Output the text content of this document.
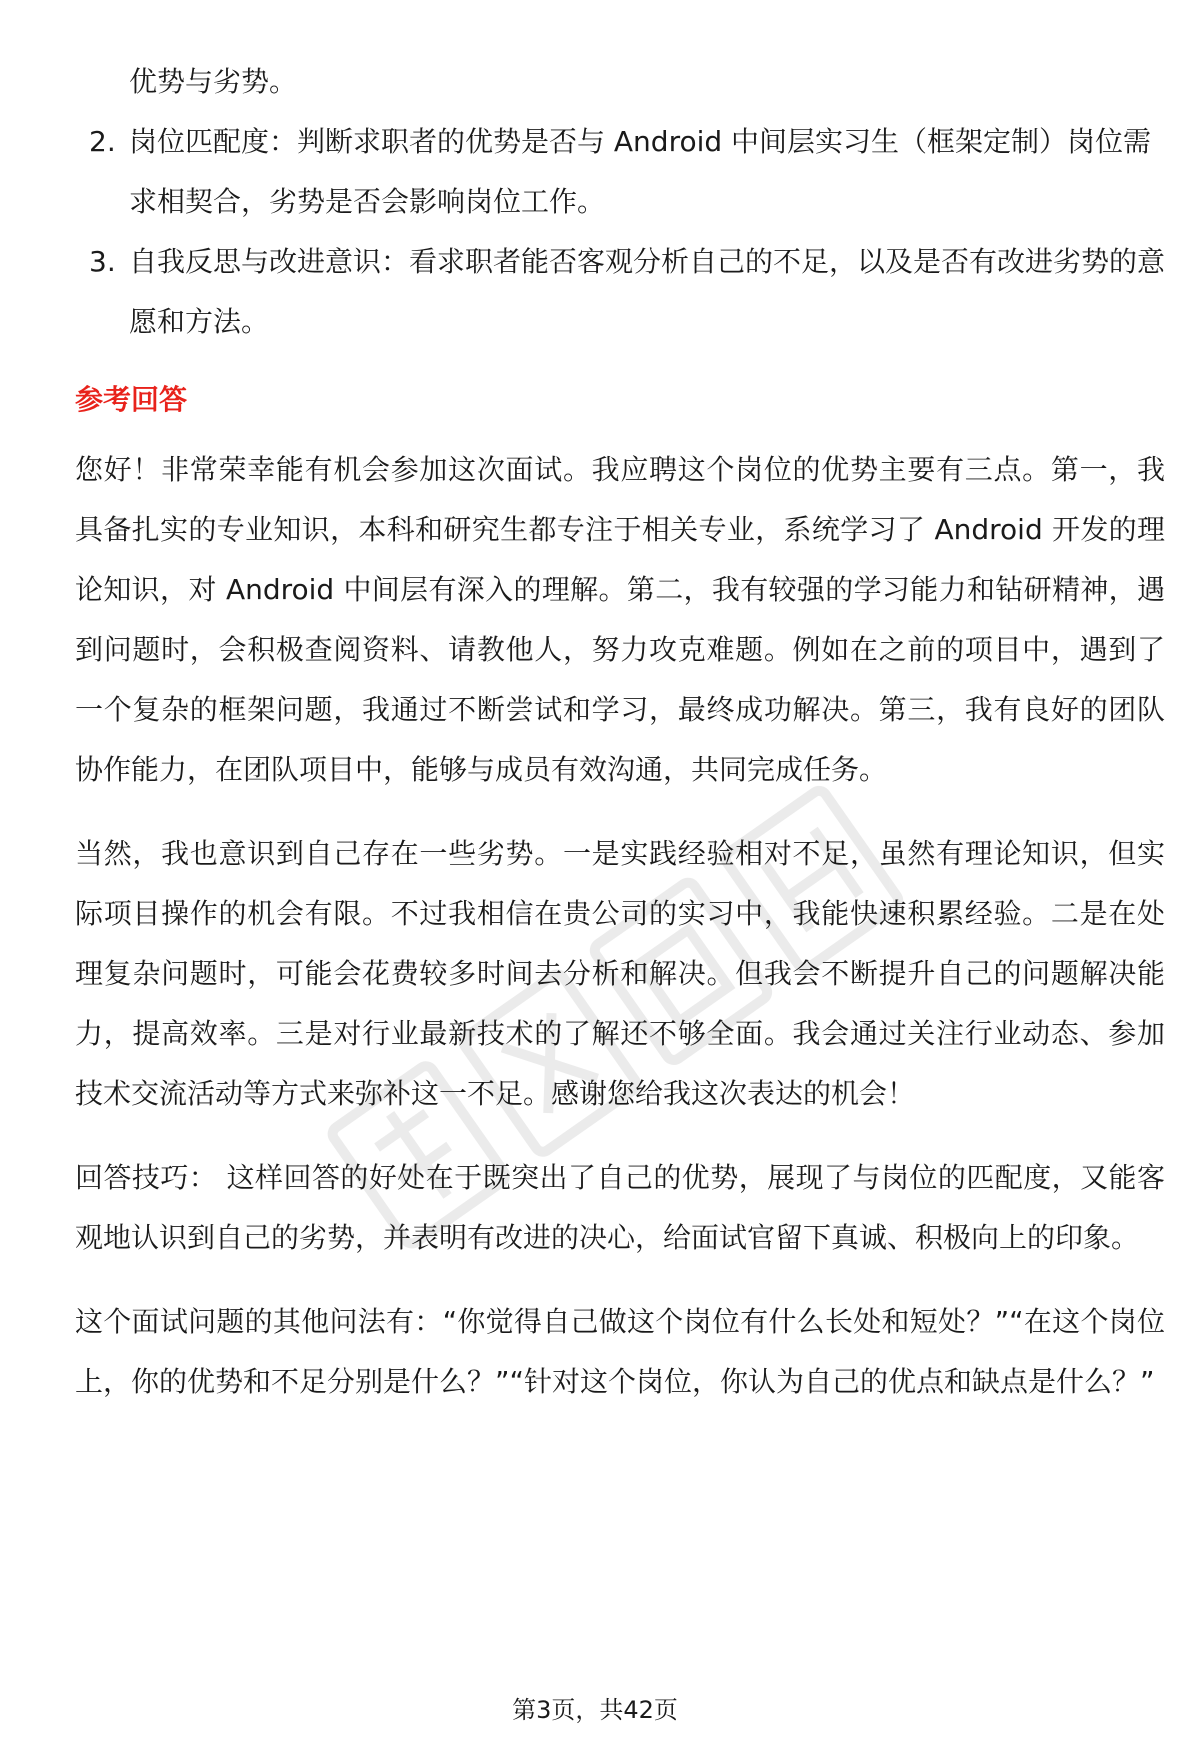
优势与劣势。
2. 岗位匹配度：判断求职者的优势是否与 Android 中间层实习生（框架定制）岗位需求相契合，劣势是否会影响岗位工作。
3. 自我反思与改进意识：看求职者能否客观分析自己的不足，以及是否有改进劣势的意愿和方法。
参考回答

您好！非常荣幸能有机会参加这次面试。我应聘这个岗位的优势主要有三点。第一，我具备扎实的专业知识，本科和研究生都专注于相关专业，系统学习了 Android 开发的理论知识，对 Android 中间层有深入的理解。第二，我有较强的学习能力和钻研精神，遇到问题时，会积极查阅资料、请教他人，努力攻克难题。例如在之前的项目中，遇到了一个复杂的框架问题，我通过不断尝试和学习，最终成功解决。第三，我有良好的团队协作能力，在团队项目中，能够与成员有效沟通，共同完成任务。

当然，我也意识到自己存在一些劣势。一是实践经验相对不足，虽然有理论知识，但实际项目操作的机会有限。不过我相信在贵公司的实习中，我能快速积累经验。二是在处理复杂问题时，可能会花费较多时间去分析和解决。但我会不断提升自己的问题解决能力，提高效率。三是对行业最新技术的了解还不够全面。我会通过关注行业动态、参加技术交流活动等方式来弥补这一不足。感谢您给我这次表达的机会！

回答技巧： 这样回答的好处在于既突出了自己的优势，展现了与岗位的匹配度，又能客观地认识到自己的劣势，并表明有改进的决心，给面试官留下真诚、积极向上的印象。

这个面试问题的其他问法有：“你觉得自己做这个岗位有什么长处和短处？”“在这个岗位上，你的优势和不足分别是什么？”“针对这个岗位，你认为自己的优点和缺点是什么？”

第3页，共42页
